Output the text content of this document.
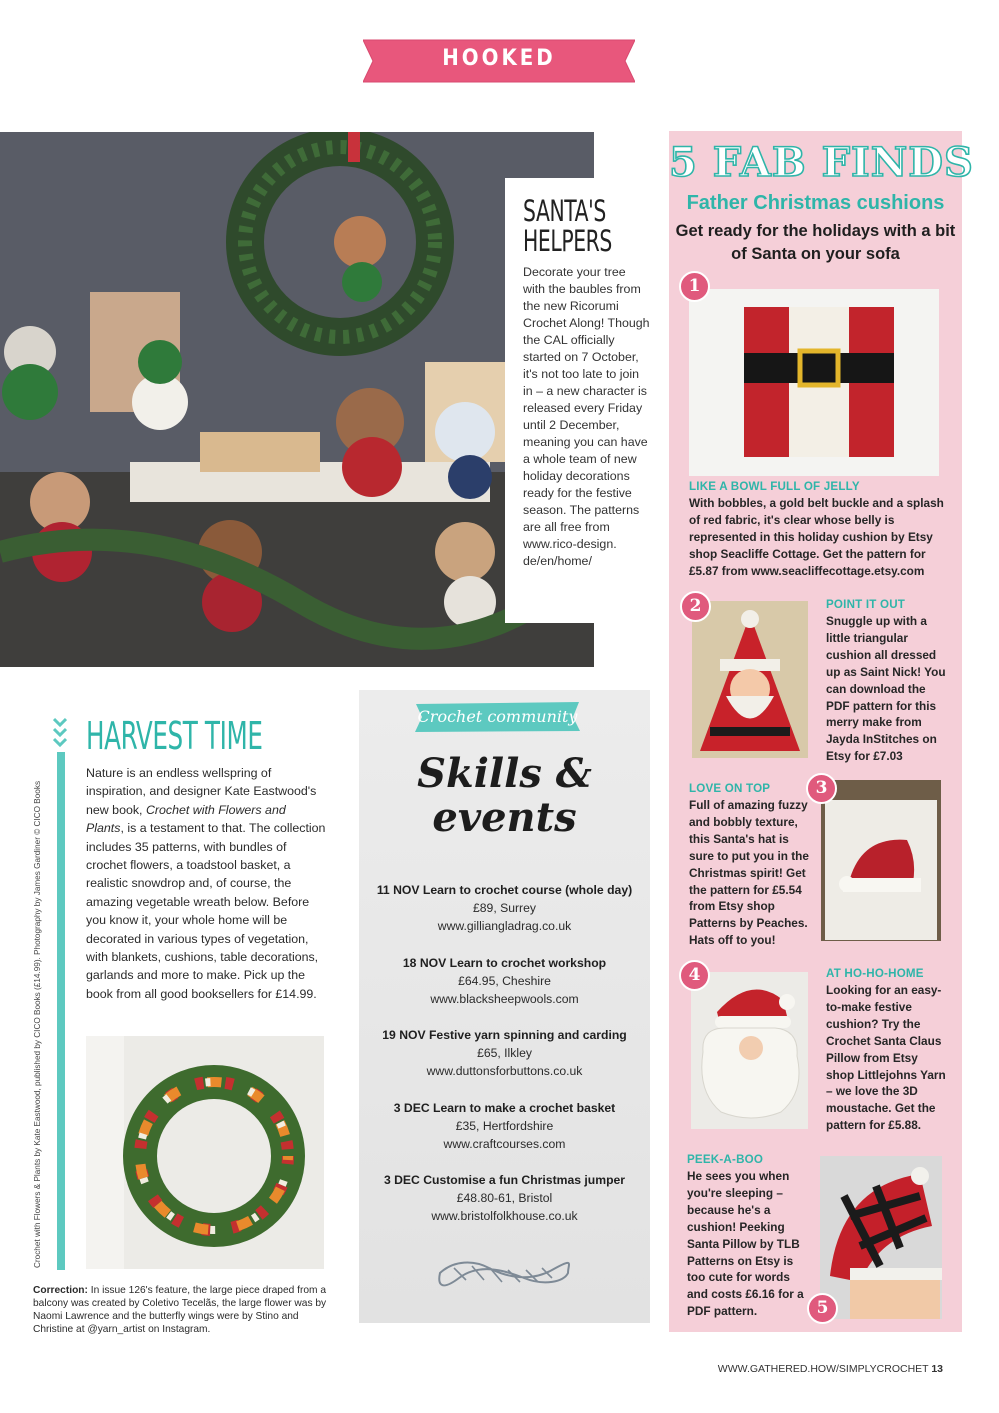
HOOKED
SANTA'S
HELPERS
Decorate your tree with the baubles from the new Ricorumi Crochet Along! Though the CAL officially started on 7 October, it's not too late to join in – a new character is released every Friday until 2 December, meaning you can have a whole team of new holiday decorations ready for the festive season. The patterns are all free from www.rico-design. de/en/home/
Crochet with Flowers & Plants by Kate Eastwood, published by CICO Books (£14.99). Photography by James Gardiner © CICO Books
HARVEST TIME
Nature is an endless wellspring of inspiration, and designer Kate Eastwood's new book, Crochet with Flowers and Plants, is a testament to that. The collection includes 35 patterns, with bundles of crochet flowers, a toadstool basket, a realistic snowdrop and, of course, the amazing vegetable wreath below. Before you know it, your whole home will be decorated in various types of vegetation, with blankets, cushions, table decorations, garlands and more to make. Pick up the book from all good booksellers for £14.99.
Correction: In issue 126's feature, the large piece draped from a balcony was created by Coletivo Tecelãs, the large flower was by Naomi Lawrence and the butterfly wings were by Stino and Christine at @yarn_artist on Instagram.
Crochet community
Skills &
events
11 NOV Learn to crochet course (whole day)
£89, Surrey
www.gilliangladrag.co.uk
18 NOV Learn to crochet workshop
£64.95, Cheshire
www.blacksheepwools.com
19 NOV Festive yarn spinning and carding
£65, Ilkley
www.duttonsforbuttons.co.uk
3 DEC Learn to make a crochet basket
£35, Hertfordshire
www.craftcourses.com
3 DEC Customise a fun Christmas jumper
£48.80-61, Bristol
www.bristolfolkhouse.co.uk
5 FAB FINDS
Father Christmas cushions
Get ready for the holidays with a bit of Santa on your sofa
1
LIKE A BOWL FULL OF JELLY
With bobbles, a gold belt buckle and a splash of red fabric, it's clear whose belly is represented in this holiday cushion by Etsy shop Seacliffe Cottage. Get the pattern for £5.87 from www.seacliffecottage.etsy.com
2	POINT IT OUT
Snuggle up with a little triangular cushion all dressed up as Saint Nick! You can download the PDF pattern for this merry make from Jayda InStitches on Etsy for £7.03
3
LOVE ON TOP
Full of amazing fuzzy and bobbly texture, this Santa's hat is sure to put you in the Christmas spirit! Get the pattern for £5.54 from Etsy shop Patterns by Peaches. Hats off to you!
4	AT HO-HO-HOME
Looking for an easy-to-make festive cushion? Try the Crochet Santa Claus Pillow from Etsy shop Littlejohns Yarn – we love the 3D moustache. Get the pattern for £5.88.
5
PEEK-A-BOO
He sees you when you're sleeping – because he's a cushion! Peeking Santa Pillow by TLB Patterns on Etsy is too cute for words and costs £6.16 for a PDF pattern.
WWW.GATHERED.HOW/SIMPLYCROCHET 13
